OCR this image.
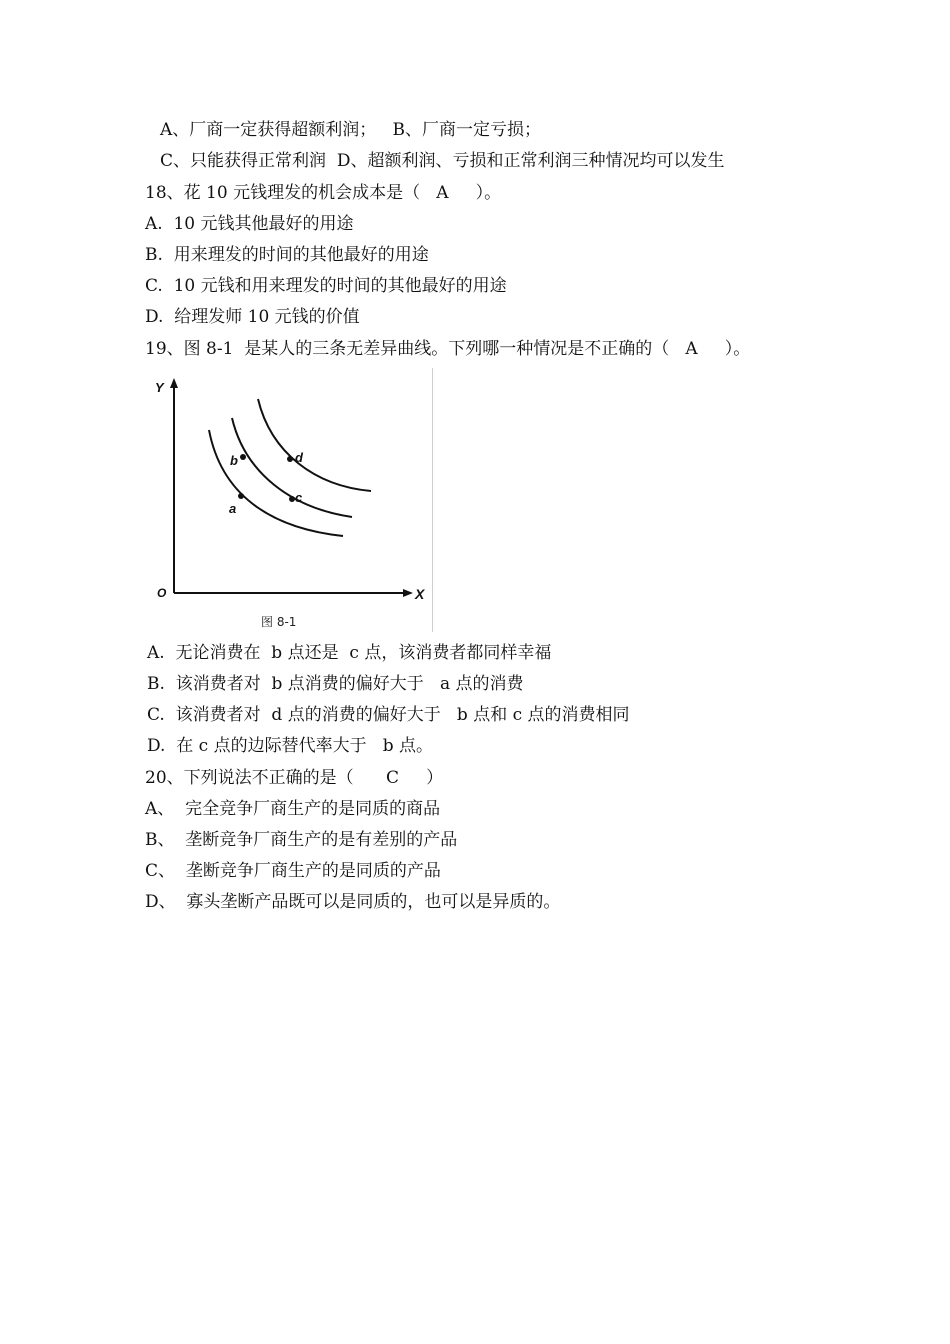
A、厂商一定获得超额利润；   B、厂商一定亏损；
C、只能获得正常利润  D、超额利润、亏损和正常利润三种情况均可以发生
18、花 10 元钱理发的机会成本是（   A     ）。
A.  10 元钱其他最好的用途
B.  用来理发的时间的其他最好的用途
C.  10 元钱和用来理发的时间的其他最好的用途
D.  给理发师 10 元钱的价值
19、图 8-1  是某人的三条无差异曲线。下列哪一种情况是不正确的（   A     ）。
Y
X
O
a
b
c
d
图 8-1
A.  无论消费在  b 点还是  c 点，该消费者都同样幸福
B.  该消费者对  b 点消费的偏好大于   a 点的消费
C.  该消费者对  d 点的消费的偏好大于   b 点和 c 点的消费相同
D.  在 c 点的边际替代率大于   b 点。
20、下列说法不正确的是（      C     ）
A、  完全竞争厂商生产的是同质的商品
B、  垄断竞争厂商生产的是有差别的产品
C、  垄断竞争厂商生产的是同质的产品
D、  寡头垄断产品既可以是同质的，也可以是异质的。
